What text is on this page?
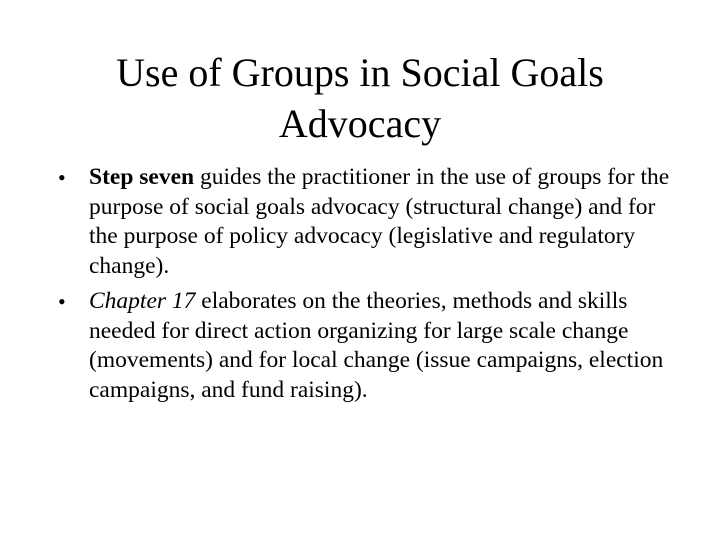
Use of Groups in Social Goals
Advocacy
• Step seven guides the practitioner in the use of groups for the purpose of social goals advocacy (structural change) and for the purpose of policy advocacy (legislative and regulatory change).
• Chapter 17 elaborates on the theories, methods and skills needed for direct action organizing for large scale change (movements) and for local change (issue campaigns, election campaigns, and fund raising).
